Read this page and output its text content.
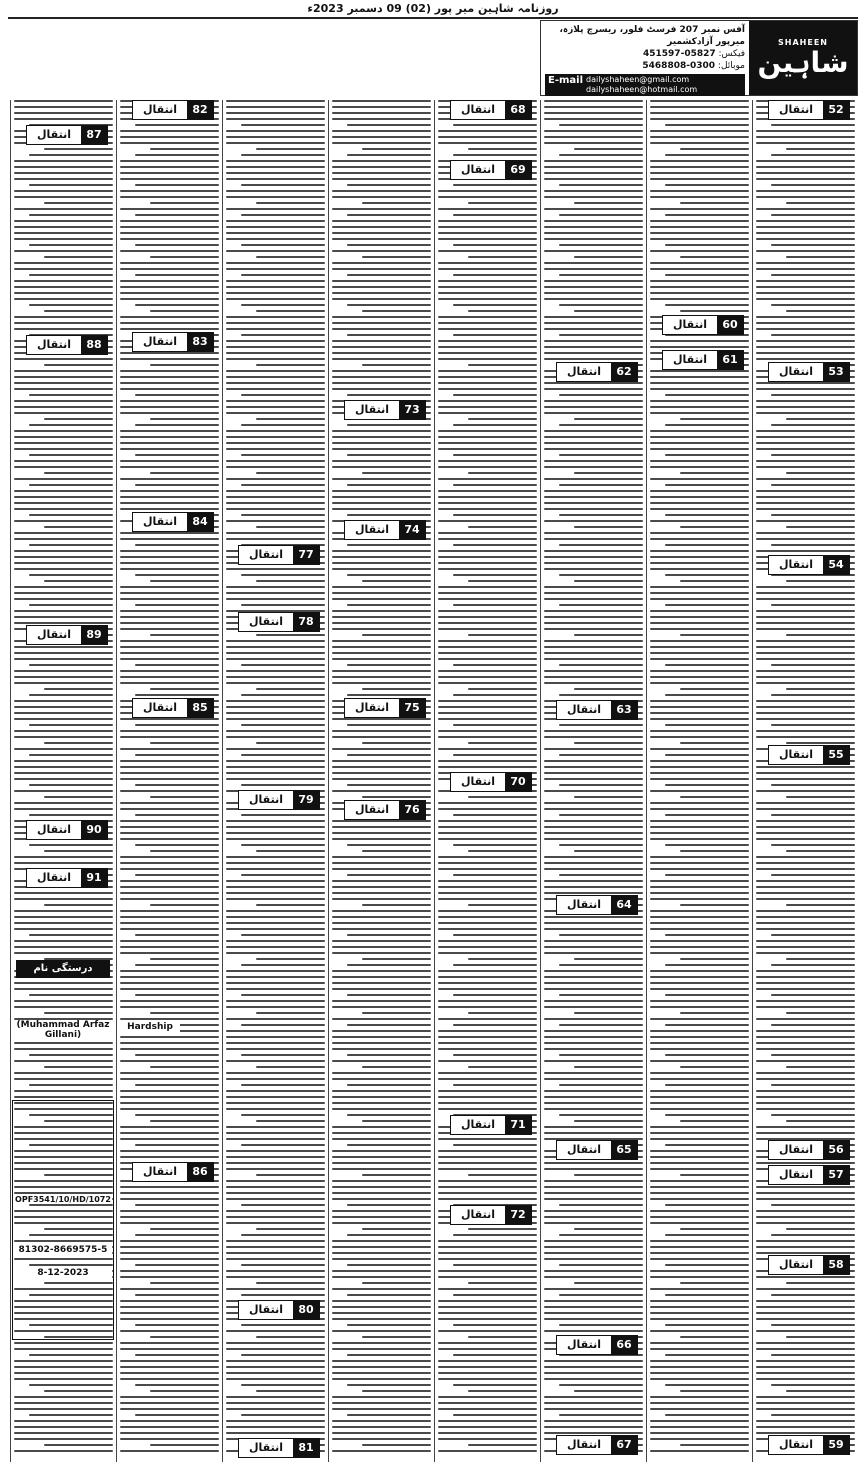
روزنامہ شاہین میر پور (02) 09 دسمبر 2023ء
SHAHEEN
شاہین
آفس نمبر 207 فرسٹ فلور، ریسرچ پلازہ، میرپور آزادکشمیر
فیکس: 05827-451597
موبائل: 0300-5468808
E-mail dailyshaheen@gmail.com
dailyshaheen@hotmail.com
انتقال	52
انتقال	53
انتقال	54
انتقال	55
انتقال	56
انتقال	57
انتقال	58
انتقال	59
انتقال	60
انتقال	61
انتقال	62
انتقال	63
انتقال	64
انتقال	65
انتقال	66
انتقال	67
انتقال	68
انتقال	69
انتقال	70
انتقال	71
انتقال	72
انتقال	73
انتقال	74
انتقال	75
انتقال	76
انتقال	77
انتقال	78
انتقال	79
انتقال	80
انتقال	81
انتقال	82
انتقال	83
انتقال	84
انتقال	85
انتقال	86
انتقال	87
انتقال	88
انتقال	89
انتقال	90
انتقال	91
درستگی نام
(Muhammad Arfaz Gillani)
Hardship
OPF3541/10/HD/1072
81302-8669575-5
8-12-2023
